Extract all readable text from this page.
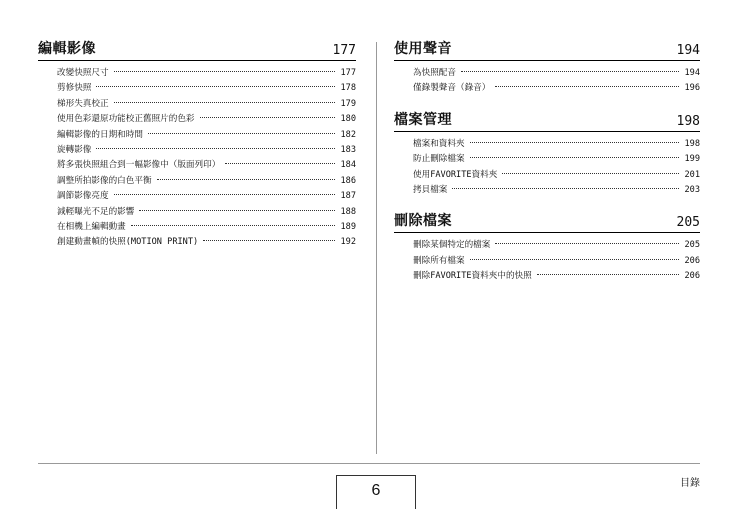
編輯影像	177
改變快照尺寸	177
剪修快照	178
梯形失真校正	179
使用色彩還原功能校正舊照片的色彩	180
編輯影像的日期和時間	182
旋轉影像	183
將多張快照組合到一幅影像中（版面列印）	184
調整所拍影像的白色平衡	186
調節影像亮度	187
減輕曝光不足的影響	188
在相機上編輯動畫	189
創建動畫幀的快照(MOTION PRINT)	192
使用聲音	194
為快照配音	194
僅錄製聲音（錄音）	196
檔案管理	198
檔案和資料夾	198
防止刪除檔案	199
使用FAVORITE資料夾	201
拷貝檔案	203
刪除檔案	205
刪除某個特定的檔案	205
刪除所有檔案	206
刪除FAVORITE資料夾中的快照	206
6	目錄
